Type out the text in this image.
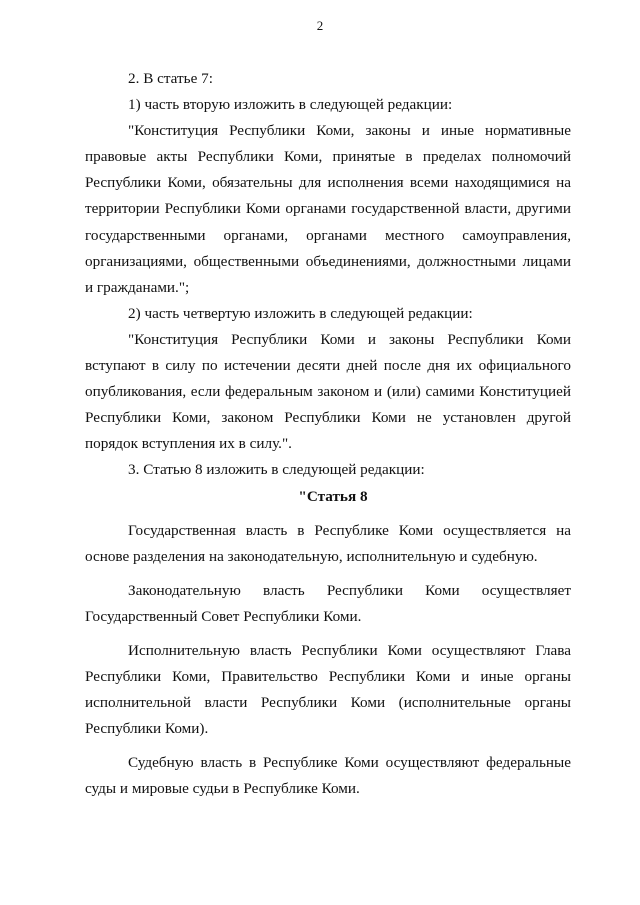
2

2. В статье 7:

1) часть вторую изложить в следующей редакции:

"Конституция Республики Коми, законы и иные нормативные правовые акты Республики Коми, принятые в пределах полномочий Республики Коми, обязательны для исполнения всеми находящимися на территории Республики Коми органами государственной власти, другими государственными органами, органами местного самоуправления, организациями, общественными объединениями, должностными лицами и гражданами.";

2) часть четвертую изложить в следующей редакции:

"Конституция Республики Коми и законы Республики Коми вступают в силу по истечении десяти дней после дня их официального опубликования, если федеральным законом и (или) самими Конституцией Республики Коми, законом Республики Коми не установлен другой порядок вступления их в силу.".

3. Статью 8 изложить в следующей редакции:

"Статья 8

Государственная власть в Республике Коми осуществляется на основе разделения на законодательную, исполнительную и судебную.

Законодательную власть Республики Коми осуществляет Государственный Совет Республики Коми.

Исполнительную власть Республики Коми осуществляют Глава Республики Коми, Правительство Республики Коми и иные органы исполнительной власти Республики Коми (исполнительные органы Республики Коми).

Судебную власть в Республике Коми осуществляют федеральные суды и мировые судьи в Республике Коми.
